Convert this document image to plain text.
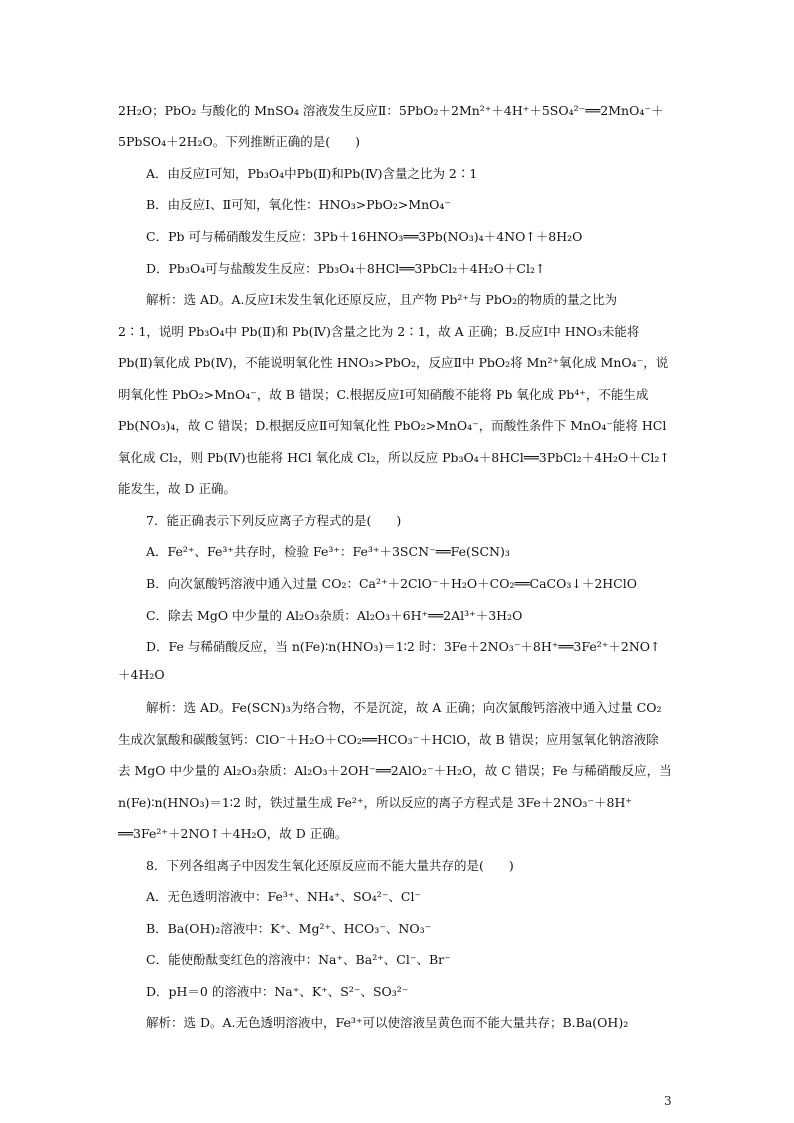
2H₂O；PbO₂ 与酸化的 MnSO₄ 溶液发生反应Ⅱ：5PbO₂＋2Mn²⁺＋4H⁺＋5SO₄²⁻══2MnO₄⁻＋
5PbSO₄＋2H₂O。下列推断正确的是(　　)
A．由反应Ⅰ可知，Pb₃O₄中Pb(Ⅱ)和Pb(Ⅳ)含量之比为 2∶1
B．由反应Ⅰ、Ⅱ可知，氧化性：HNO₃>PbO₂>MnO₄⁻
C．Pb 可与稀硝酸发生反应：3Pb＋16HNO₃══3Pb(NO₃)₄＋4NO↑＋8H₂O
D．Pb₃O₄可与盐酸发生反应：Pb₃O₄＋8HCl══3PbCl₂＋4H₂O＋Cl₂↑
解析：选 AD。A.反应Ⅰ未发生氧化还原反应，且产物 Pb²⁺与 PbO₂的物质的量之比为
2∶1，说明 Pb₃O₄中 Pb(Ⅱ)和 Pb(Ⅳ)含量之比为 2∶1，故 A 正确；B.反应Ⅰ中 HNO₃未能将
Pb(Ⅱ)氧化成 Pb(Ⅳ)，不能说明氧化性 HNO₃>PbO₂，反应Ⅱ中 PbO₂将 Mn²⁺氧化成 MnO₄⁻，说
明氧化性 PbO₂>MnO₄⁻，故 B 错误；C.根据反应Ⅰ可知硝酸不能将 Pb 氧化成 Pb⁴⁺，不能生成
Pb(NO₃)₄，故 C 错误；D.根据反应Ⅱ可知氧化性 PbO₂>MnO₄⁻，而酸性条件下 MnO₄⁻能将 HCl
氧化成 Cl₂，则 Pb(Ⅳ)也能将 HCl 氧化成 Cl₂，所以反应 Pb₃O₄＋8HCl══3PbCl₂＋4H₂O＋Cl₂↑
能发生，故 D 正确。
7．能正确表示下列反应离子方程式的是(　　)
A．Fe²⁺、Fe³⁺共存时，检验 Fe³⁺：Fe³⁺＋3SCN⁻══Fe(SCN)₃
B．向次氯酸钙溶液中通入过量 CO₂：Ca²⁺＋2ClO⁻＋H₂O＋CO₂══CaCO₃↓＋2HClO
C．除去 MgO 中少量的 Al₂O₃杂质：Al₂O₃＋6H⁺══2Al³⁺＋3H₂O
D．Fe 与稀硝酸反应，当 n(Fe)∶n(HNO₃)＝1∶2 时：3Fe＋2NO₃⁻＋8H⁺══3Fe²⁺＋2NO↑
＋4H₂O
解析：选 AD。Fe(SCN)₃为络合物，不是沉淀，故 A 正确；向次氯酸钙溶液中通入过量 CO₂
生成次氯酸和碳酸氢钙：ClO⁻＋H₂O＋CO₂══HCO₃⁻＋HClO，故 B 错误；应用氢氧化钠溶液除
去 MgO 中少量的 Al₂O₃杂质：Al₂O₃＋2OH⁻══2AlO₂⁻＋H₂O，故 C 错误；Fe 与稀硝酸反应，当
n(Fe)∶n(HNO₃)＝1∶2 时，铁过量生成 Fe²⁺，所以反应的离子方程式是 3Fe＋2NO₃⁻＋8H⁺
══3Fe²⁺＋2NO↑＋4H₂O，故 D 正确。
8．下列各组离子中因发生氧化还原反应而不能大量共存的是(　　)
A．无色透明溶液中：Fe³⁺、NH₄⁺、SO₄²⁻、Cl⁻
B．Ba(OH)₂溶液中：K⁺、Mg²⁺、HCO₃⁻、NO₃⁻
C．能使酚酞变红色的溶液中：Na⁺、Ba²⁺、Cl⁻、Br⁻
D．pH＝0 的溶液中：Na⁺、K⁺、S²⁻、SO₃²⁻
解析：选 D。A.无色透明溶液中，Fe³⁺可以使溶液呈黄色而不能大量共存；B.Ba(OH)₂
3
